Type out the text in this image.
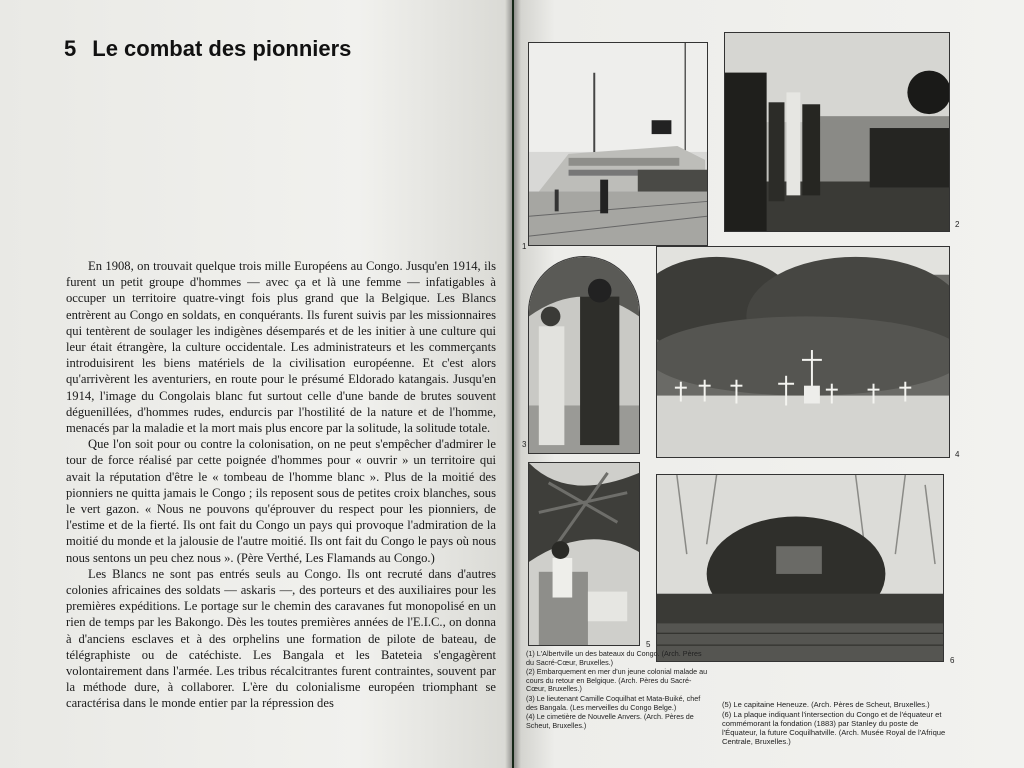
5 Le combat des pionniers

En 1908, on trouvait quelque trois mille Européens au Congo. Jusqu'en 1914, ils furent un petit groupe d'hommes — avec ça et là une femme — infatigables à occuper un territoire quatre-vingt fois plus grand que la Belgique. Les Blancs entrèrent au Congo en soldats, en conquérants. Ils furent suivis par les missionnaires qui tentèrent de soulager les indigènes désemparés et de les initier à une culture qui leur était étrangère, la culture occidentale. Les administrateurs et les commerçants introduisirent les biens matériels de la civilisation européenne. Et c'est alors qu'arrivèrent les aventuriers, en route pour le présumé Eldorado katangais. Jusqu'en 1914, l'image du Congolais blanc fut surtout celle d'une bande de brutes souvent déguenillées, d'hommes rudes, endurcis par l'hostilité de la nature et de l'homme, menacés par la maladie et la mort mais plus encore par la solitude, la solitude totale.

Que l'on soit pour ou contre la colonisation, on ne peut s'empêcher d'admirer le tour de force réalisé par cette poignée d'hommes pour « ouvrir » un territoire qui avait la réputation d'être le « tombeau de l'homme blanc ». Plus de la moitié des pionniers ne quitta jamais le Congo ; ils reposent sous de petites croix blanches, sous le vert gazon. « Nous ne pouvons qu'éprouver du respect pour les pionniers, de l'estime et de la fierté. Ils ont fait du Congo un pays qui provoque l'admiration de la moitié du monde et la jalousie de l'autre moitié. Ils ont fait du Congo le pays où nous nous sentons un peu chez nous ». (Père Verthé, Les Flamands au Congo.)

Les Blancs ne sont pas entrés seuls au Congo. Ils ont recruté dans d'autres colonies africaines des soldats — askaris —, des porteurs et des auxiliaires pour les premières expéditions. Le portage sur le chemin des caravanes fut monopolisé en un rien de temps par les Bakongo. Dès les toutes premières années de l'E.I.C., on donna à d'anciens esclaves et à des orphelins une formation de pilote de bateau, de télégraphiste ou de catéchiste. Les Bangala et les Bateteia s'engagèrent volontairement dans l'armée. Les tribus récalcitrantes furent contraintes, souvent par la méthode dure, à collaborer. L'ère du colonialisme européen triomphant se caractérisa dans le monde entier par la répression des

1
2
3
4
6
(1) L'Albertville un des bateaux du Congo. (Arch. Pères du Sacré-Cœur, Bruxelles.)
(2) Embarquement en mer d'un jeune colonial malade au cours du retour en Belgique. (Arch. Pères du Sacré-Cœur, Bruxelles.)
(3) Le lieutenant Camille Coquilhat et Mata-Buiké, chef des Bangala. (Les merveilles du Congo Belge.)
(4) Le cimetière de Nouvelle Anvers. (Arch. Pères de Scheut, Bruxelles.)
(5) Le capitaine Heneuze. (Arch. Pères de Scheut, Bruxelles.)
(6) La plaque indiquant l'intersection du Congo et de l'équateur et commémorant la fondation (1883) par Stanley du poste de l'Équateur, la future Coquilhatville. (Arch. Musée Royal de l'Afrique Centrale, Bruxelles.)
5
